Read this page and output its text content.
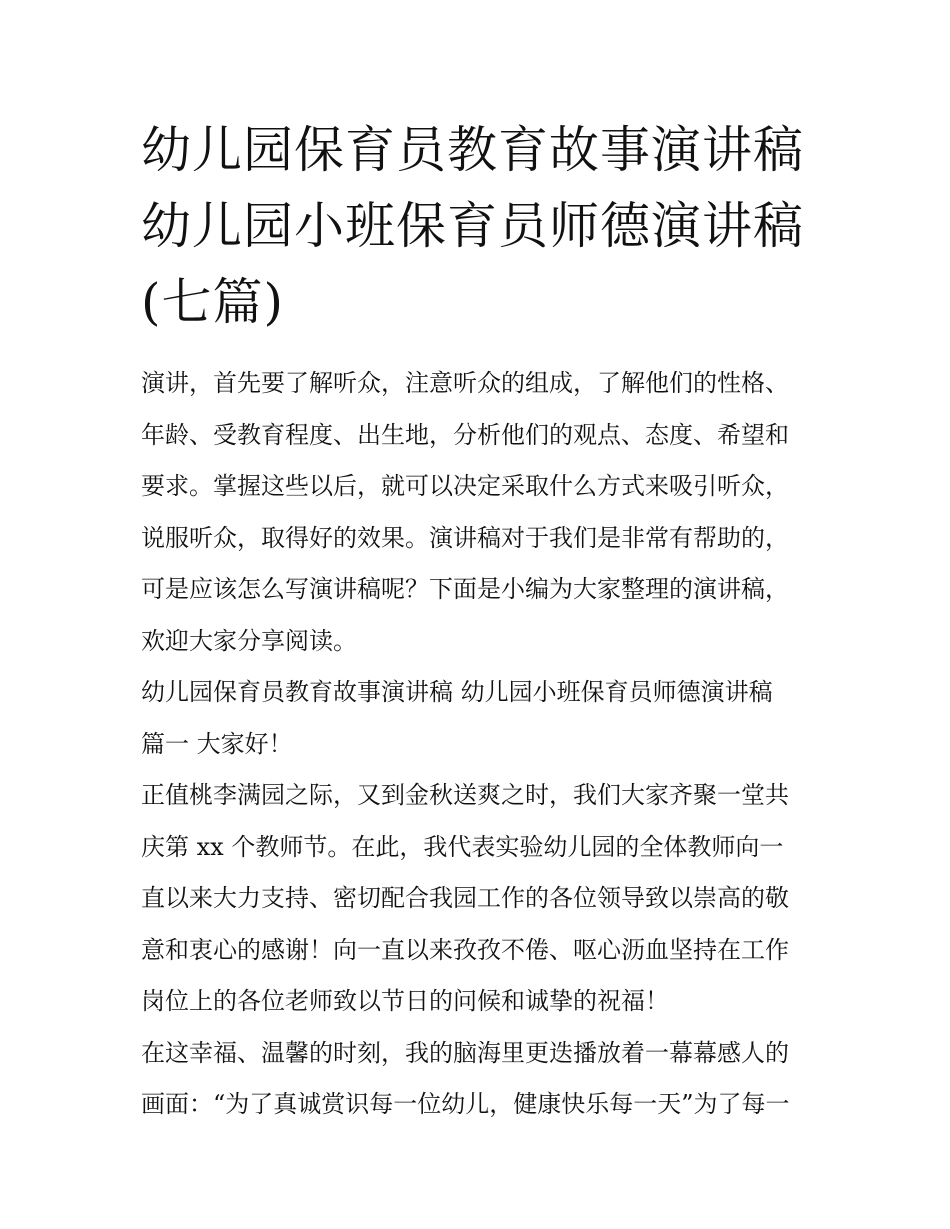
幼儿园保育员教育故事演讲稿
幼儿园小班保育员师德演讲稿
(七篇)

演讲，首先要了解听众，注意听众的组成，了解他们的性格、
年龄、受教育程度、出生地，分析他们的观点、态度、希望和
要求。掌握这些以后，就可以决定采取什么方式来吸引听众，
说服听众，取得好的效果。演讲稿对于我们是非常有帮助的，
可是应该怎么写演讲稿呢？下面是小编为大家整理的演讲稿，
欢迎大家分享阅读。

幼儿园保育员教育故事演讲稿 幼儿园小班保育员师德演讲稿
篇一 大家好！

正值桃李满园之际，又到金秋送爽之时，我们大家齐聚一堂共
庆第 xx 个教师节。在此，我代表实验幼儿园的全体教师向一
直以来大力支持、密切配合我园工作的各位领导致以崇高的敬
意和衷心的感谢！向一直以来孜孜不倦、呕心沥血坚持在工作
岗位上的各位老师致以节日的问候和诚挚的祝福！

在这幸福、温馨的时刻，我的脑海里更迭播放着一幕幕感人的
画面：“为了真诚赏识每一位幼儿，健康快乐每一天”为了每一
